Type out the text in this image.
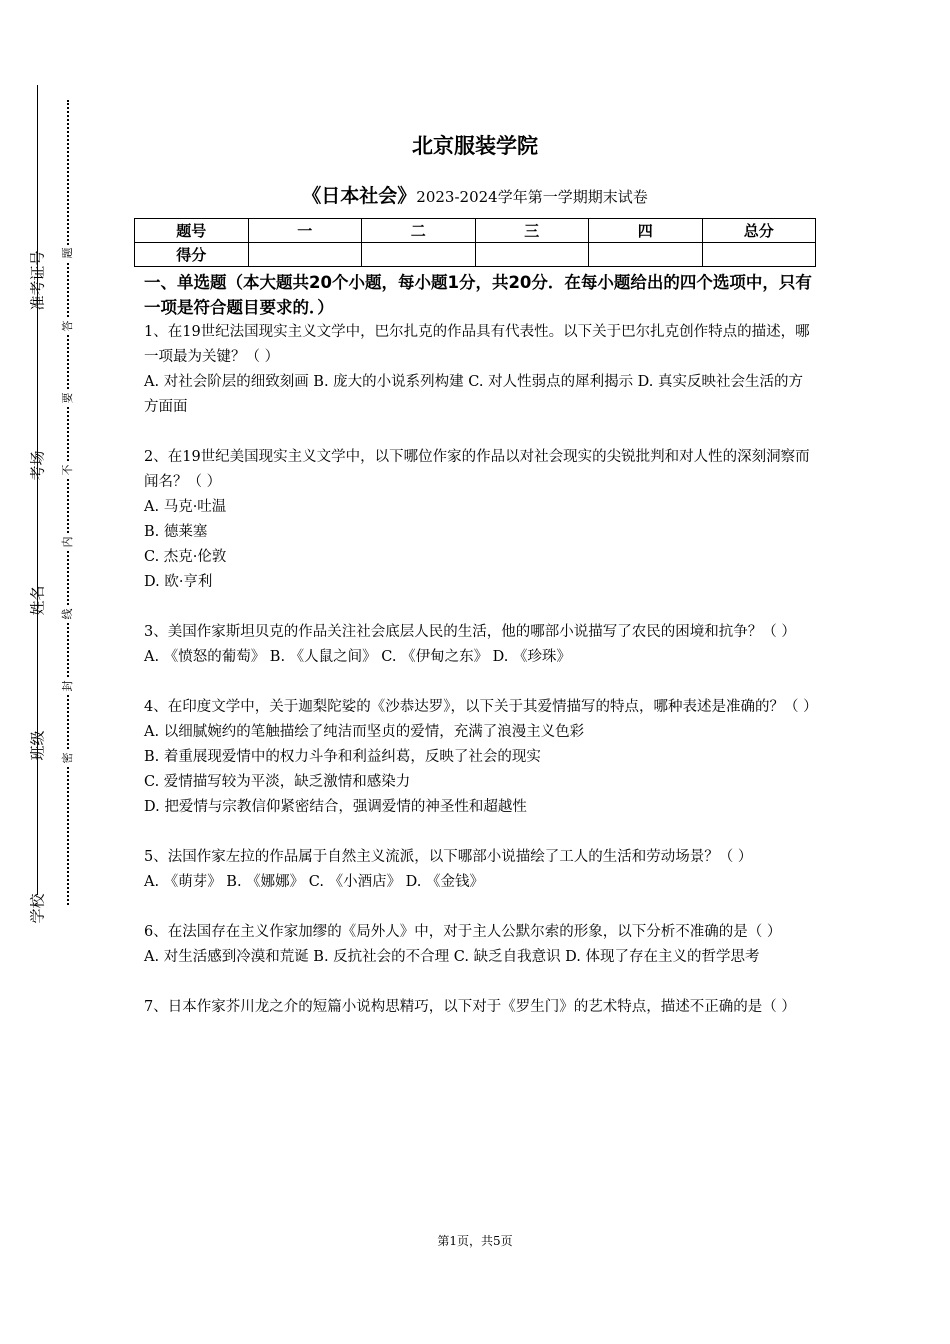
准考证号
考场
姓名
班级
学校
题
答
要
不
内
线
封
密
北京服装学院
《日本社会》2023-2024学年第一学期期末试卷
题号	一	二	三	四	总分
得分					
一、单选题（本大题共20个小题，每小题1分，共20分．在每小题给出的四个选项中，只有一项是符合题目要求的．）

1、在19世纪法国现实主义文学中，巴尔扎克的作品具有代表性。以下关于巴尔扎克创作特点的描述，哪一项最为关键？（ ）

A. 对社会阶层的细致刻画 B. 庞大的小说系列构建 C. 对人性弱点的犀利揭示 D. 真实反映社会生活的方方面面

2、在19世纪美国现实主义文学中，以下哪位作家的作品以对社会现实的尖锐批判和对人性的深刻洞察而闻名？（ ）

A. 马克·吐温

B. 德莱塞

C. 杰克·伦敦

D. 欧·亨利

3、美国作家斯坦贝克的作品关注社会底层人民的生活，他的哪部小说描写了农民的困境和抗争？（ ）

A. 《愤怒的葡萄》 B. 《人鼠之间》 C. 《伊甸之东》 D. 《珍珠》

4、在印度文学中，关于迦梨陀娑的《沙恭达罗》，以下关于其爱情描写的特点，哪种表述是准确的？（ ）

A. 以细腻婉约的笔触描绘了纯洁而坚贞的爱情，充满了浪漫主义色彩

B. 着重展现爱情中的权力斗争和利益纠葛，反映了社会的现实

C. 爱情描写较为平淡，缺乏激情和感染力

D. 把爱情与宗教信仰紧密结合，强调爱情的神圣性和超越性

5、法国作家左拉的作品属于自然主义流派，以下哪部小说描绘了工人的生活和劳动场景？（ ）

A. 《萌芽》 B. 《娜娜》 C. 《小酒店》 D. 《金钱》

6、在法国存在主义作家加缪的《局外人》中，对于主人公默尔索的形象，以下分析不准确的是（ ）

A. 对生活感到冷漠和荒诞 B. 反抗社会的不合理 C. 缺乏自我意识 D. 体现了存在主义的哲学思考

7、日本作家芥川龙之介的短篇小说构思精巧，以下对于《罗生门》的艺术特点，描述不正确的是（ ）

第1页，共5页
